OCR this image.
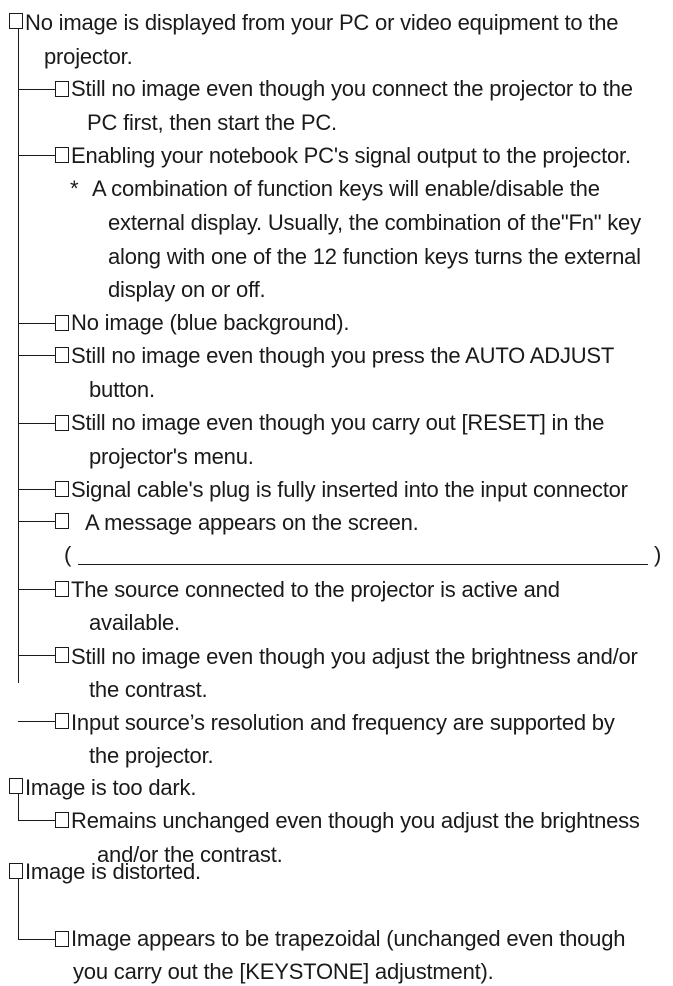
No image is displayed from your PC or video equipment to the
projector.
Still no image even though you connect the projector to the
PC first, then start the PC.
Enabling your notebook PC's signal output to the projector.
* A combination of function keys will enable/disable the
external display. Usually, the combination of the"Fn" key
along with one of the 12 function keys turns the external
display on or off.
No image (blue background).
Still no image even though you press the AUTO ADJUST
button.
Still no image even though you carry out [RESET] in the
projector's menu.
Signal cable's plug is fully inserted into the input connector
A message appears on the screen.
(	)
The source connected to the projector is active and
available.
Still no image even though you adjust the brightness and/or
the contrast.
Input source’s resolution and frequency are supported by
the projector.
Image is too dark.
Remains unchanged even though you adjust the brightness
and/or the contrast.
Image is distorted.
Image appears to be trapezoidal (unchanged even though
you carry out the [KEYSTONE] adjustment).
